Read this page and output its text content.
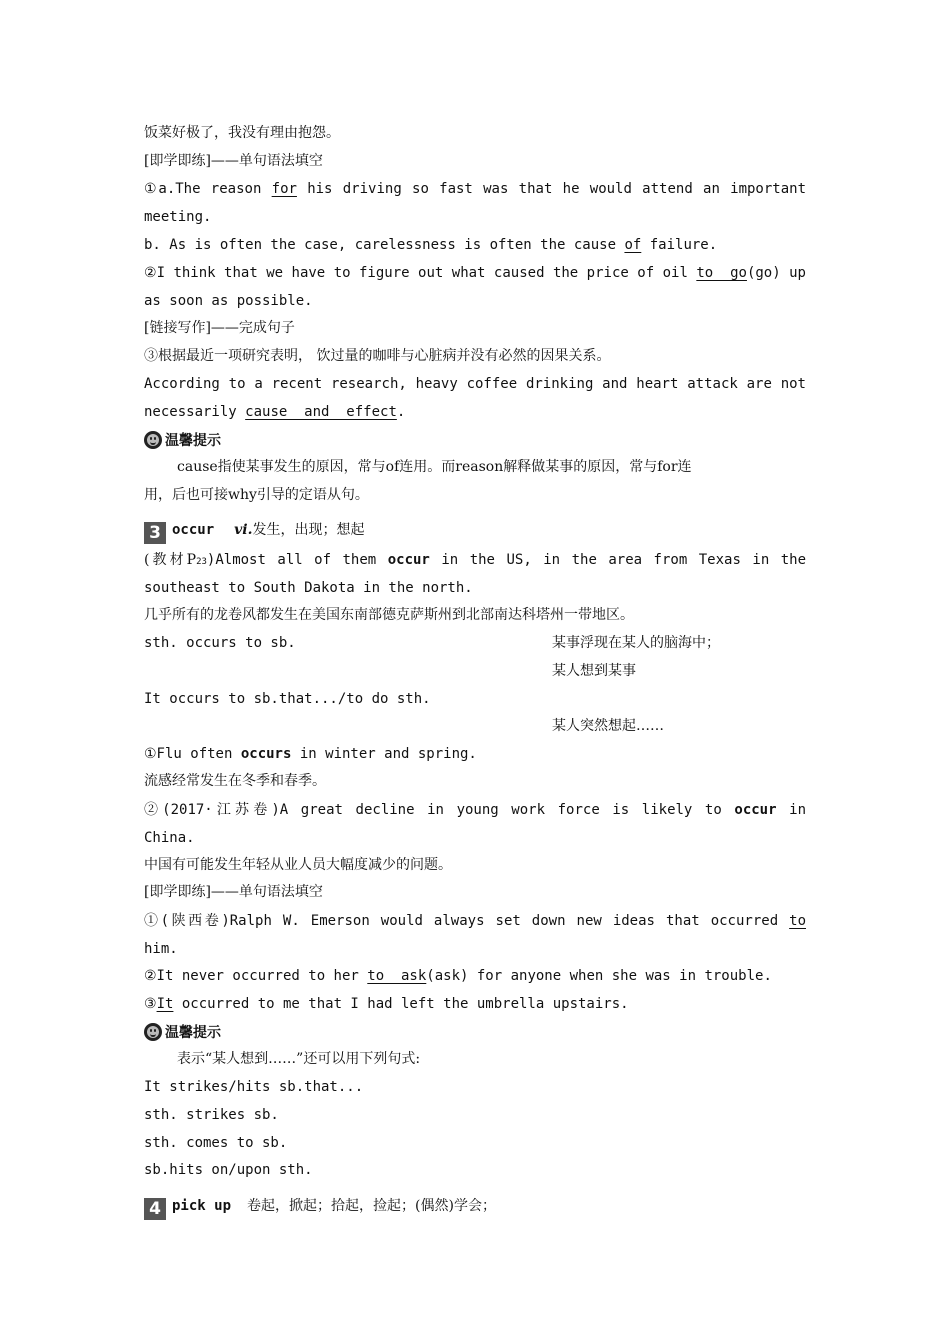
饭菜好极了，我没有理由抱怨。
[即学即练]——单句语法填空
①a.The reason for his driving so fast was that he would attend an important
meeting.
b. As is often the case, carelessness is often the cause of failure.
②I think that we have to figure out what caused the price of oil to  go(go) up
as soon as possible.
[链接写作]——完成句子
③根据最近一项研究表明， 饮过量的咖啡与心脏病并没有必然的因果关系。
According to a recent research, heavy coffee drinking and heart attack are not
necessarily cause  and  effect.
温馨提示
cause指使某事发生的原因，常与of连用。而reason解释做某事的原因，常与for连
用，后也可接why引导的定语从句。
3 occur vi.发生，出现；想起
(教材P23)Almost all of them occur in the US, in the area from Texas in the
southeast to South Dakota in the north.
几乎所有的龙卷风都发生在美国东南部德克萨斯州到北部南达科塔州一带地区。
sth. occurs to sb.	某事浮现在某人的脑海中；
某人想到某事
It occurs to sb.that.../to do sth.
某人突然想起……
①Flu often occurs in winter and spring.
流感经常发生在冬季和春季。
②(2017·江苏卷)A great decline in young work force is likely to occur in
China.
中国有可能发生年轻从业人员大幅度减少的问题。
[即学即练]——单句语法填空
①(陕西卷)Ralph W. Emerson would always set down new ideas that occurred to
him.
②It never occurred to her to  ask(ask) for anyone when she was in trouble.
③It occurred to me that I had left the umbrella upstairs.
温馨提示
表示“某人想到……”还可以用下列句式:
It strikes/hits sb.that...
sth. strikes sb.
sth. comes to sb.
sb.hits on/upon sth.
4 pick up 卷起，掀起；拾起，捡起；(偶然)学会；
